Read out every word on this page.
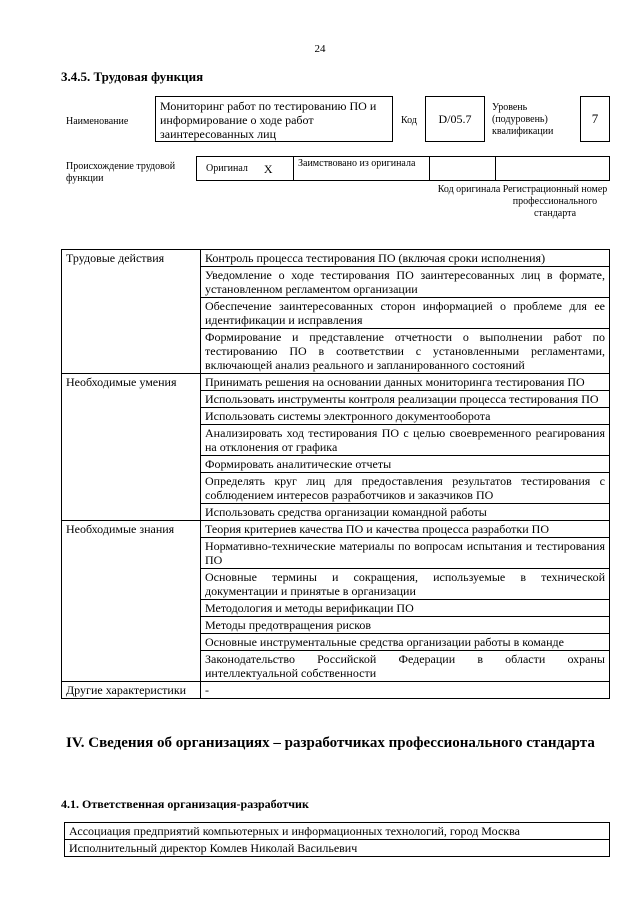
24
3.4.5. Трудовая функция
Наименование
Мониторинг работ по тестированию ПО и информирование о ходе работ заинтересованных лиц
Код	D/05.7
Уровень (подуровень) квалификации
7
Происхождение трудовой функции
Оригинал X	Заимствовано из оригинала
Код оригинала Регистрационный номер профессионального стандарта
Трудовые действия	Контроль процесса тестирования ПО (включая сроки исполнения)
	Уведомление о ходе тестирования ПО заинтересованных лиц в формате, установленном регламентом организации
	Обеспечение заинтересованных сторон информацией о проблеме для ее идентификации и исправления
	Формирование и представление отчетности о выполнении работ по тестированию ПО в соответствии с установленными регламентами, включающей анализ реального и запланированного состояний
Необходимые умения	Принимать решения на основании данных мониторинга тестирования ПО
	Использовать инструменты контроля реализации процесса тестирования ПО
	Использовать системы электронного документооборота
	Анализировать ход тестирования ПО с целью своевременного реагирования на отклонения от графика
	Формировать аналитические отчеты
	Определять круг лиц для предоставления результатов тестирования с соблюдением интересов разработчиков и заказчиков ПО
	Использовать средства организации командной работы
Необходимые знания	Теория критериев качества ПО и качества процесса разработки ПО
	Нормативно-технические материалы по вопросам испытания и тестирования ПО
	Основные термины и сокращения, используемые в технической документации и принятые в организации
	Методология и методы верификации ПО
	Методы предотвращения рисков
	Основные инструментальные средства организации работы в команде
	Законодательство Российской Федерации в области охраны интеллектуальной собственности
Другие характеристики	-
IV. Сведения об организациях – разработчиках профессионального стандарта
4.1. Ответственная организация-разработчик
Ассоциация предприятий компьютерных и информационных технологий, город Москва
Исполнительный директор Комлев Николай Васильевич
